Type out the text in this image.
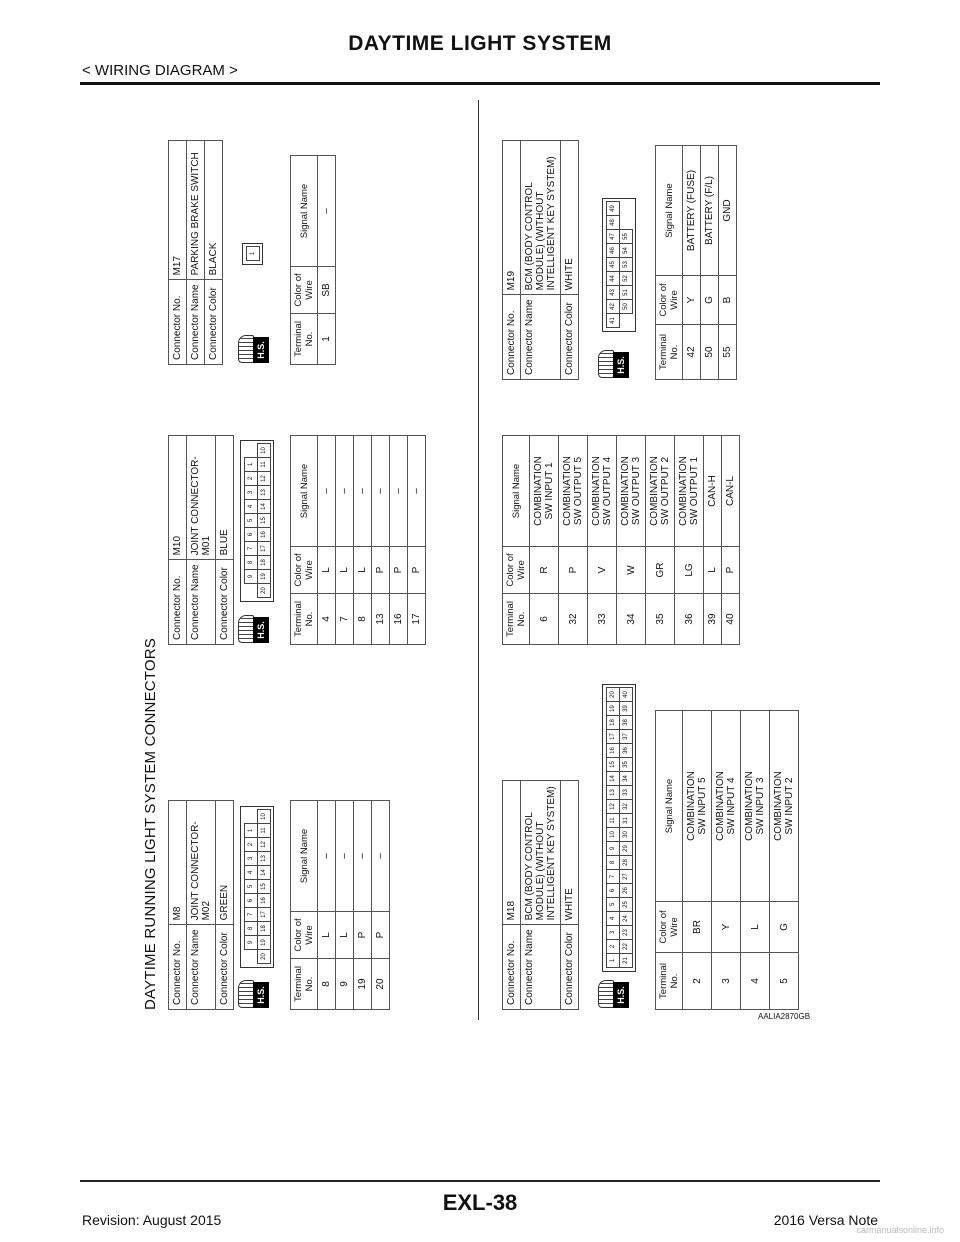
DAYTIME LIGHT SYSTEM
< WIRING DIAGRAM >
DAYTIME RUNNING LIGHT SYSTEM CONNECTORS Connector No.	M8
Connector Name	JOINT CONNECTOR-M02
Connector Color	GREEN
H.S.
9
8
7
6
5
4
3
2
1
20
19
18
17
16
15
14
13
12
11
10
Terminal No.	Color of
Wire	Signal Name
8	L	–
9	L	–
19	P	–
20	P	–
Connector No.	M10
Connector Name	JOINT CONNECTOR-M01
Connector Color	BLUE
H.S.
9
8
7
6
5
4
3
2
1
20
19
18
17
16
15
14
13
12
11
10
Terminal No.	Color of
Wire	Signal Name
4	L	–
7	L	–
8	L	–
13	P	–
16	P	–
17	P	–
Connector No.	M17
Connector Name	PARKING BRAKE SWITCH
Connector Color	BLACK
H.S.
1
Terminal No.	Color of
Wire	Signal Name
1	SB	–
Connector No.	M18
Connector Name	BCM (BODY CONTROL
MODULE) (WITHOUT
INTELLIGENT KEY SYSTEM)
Connector Color	WHITE
H.S.
1
2
3
4
5
6
7
8
9
10
11
12
13
14
15
16
17
18
19
20
21
22
23
24
25
26
27
28
29
30
31
32
33
34
35
36
37
38
39
40
Terminal No.	Color of
Wire	Signal Name
2	BR	COMBINATION
SW INPUT 5
3	Y	COMBINATION
SW INPUT 4
4	L	COMBINATION
SW INPUT 3
5	G	COMBINATION
SW INPUT 2
Terminal No.	Color of
Wire	Signal Name
6	R	COMBINATION
SW INPUT 1
32	P	COMBINATION
SW OUTPUT 5
33	V	COMBINATION
SW OUTPUT 4
34	W	COMBINATION
SW OUTPUT 3
35	GR	COMBINATION
SW OUTPUT 2
36	LG	COMBINATION
SW OUTPUT 1
39	L	CAN-H
40	P	CAN-L
Connector No.	M19
Connector Name	BCM (BODY CONTROL
MODULE) (WITHOUT
INTELLIGENT KEY SYSTEM)
Connector Color	WHITE
H.S.
41
42
43
44
45
46
47
48
49
50
51
52
53
54
55
Terminal No.	Color of
Wire	Signal Name
42	Y	BATTERY (FUSE)
50	G	BATTERY (F/L)
55	B	GND
AALIA2870GB
EXL-38
Revision: August 2015	2016 Versa Note
carmanualsonline.info
